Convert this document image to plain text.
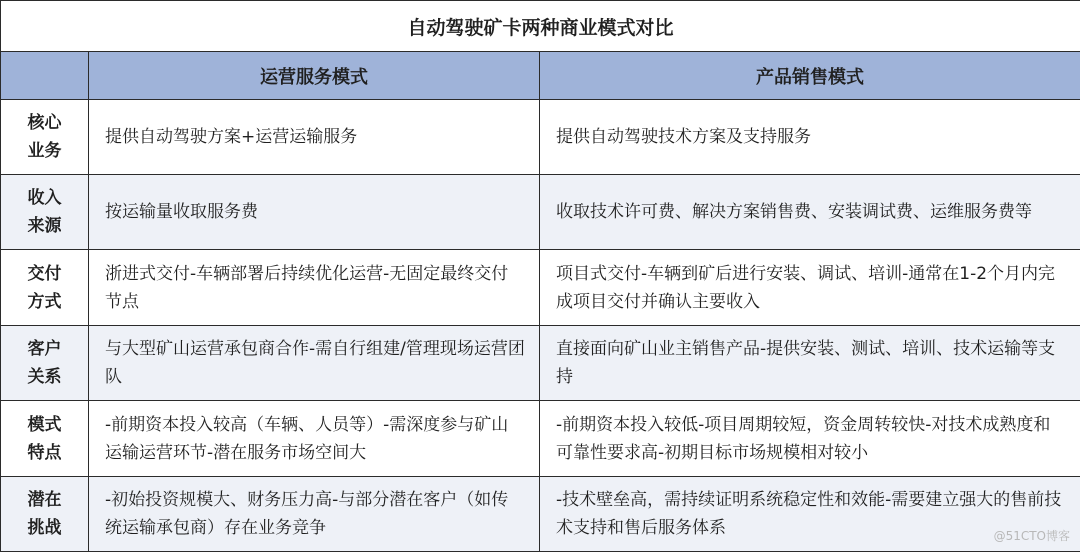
自动驾驶矿卡两种商业模式对比		
	运营服务模式	产品销售模式
核心
业务	提供自动驾驶方案+运营运输服务	提供自动驾驶技术方案及支持服务
收入
来源	按运输量收取服务费	收取技术许可费、解决方案销售费、安装调试费、运维服务费等
交付
方式	浙进式交付-车辆部署后持续优化运营-无固定最终交付节点	项目式交付-车辆到矿后进行安装、调试、培训-通常在1-2个月内完成项目交付并确认主要收入
客户
关系	与大型矿山运营承包商合作-需自行组建/管理现场运营团队	直接面向矿山业主销售产品-提供安装、测试、培训、技术运输等支持
模式
特点	-前期资本投入较高（车辆、人员等）-需深度参与矿山运输运营环节-潜在服务市场空间大	-前期资本投入较低-项目周期较短，资金周转较快-对技术成熟度和可靠性要求高-初期目标市场规模相对较小
潜在
挑战	-初始投资规模大、财务压力高-与部分潜在客户（如传统运输承包商）存在业务竞争	-技术壁垒高，需持续证明系统稳定性和效能-需要建立强大的售前技术支持和售后服务体系	@51CTO博客
